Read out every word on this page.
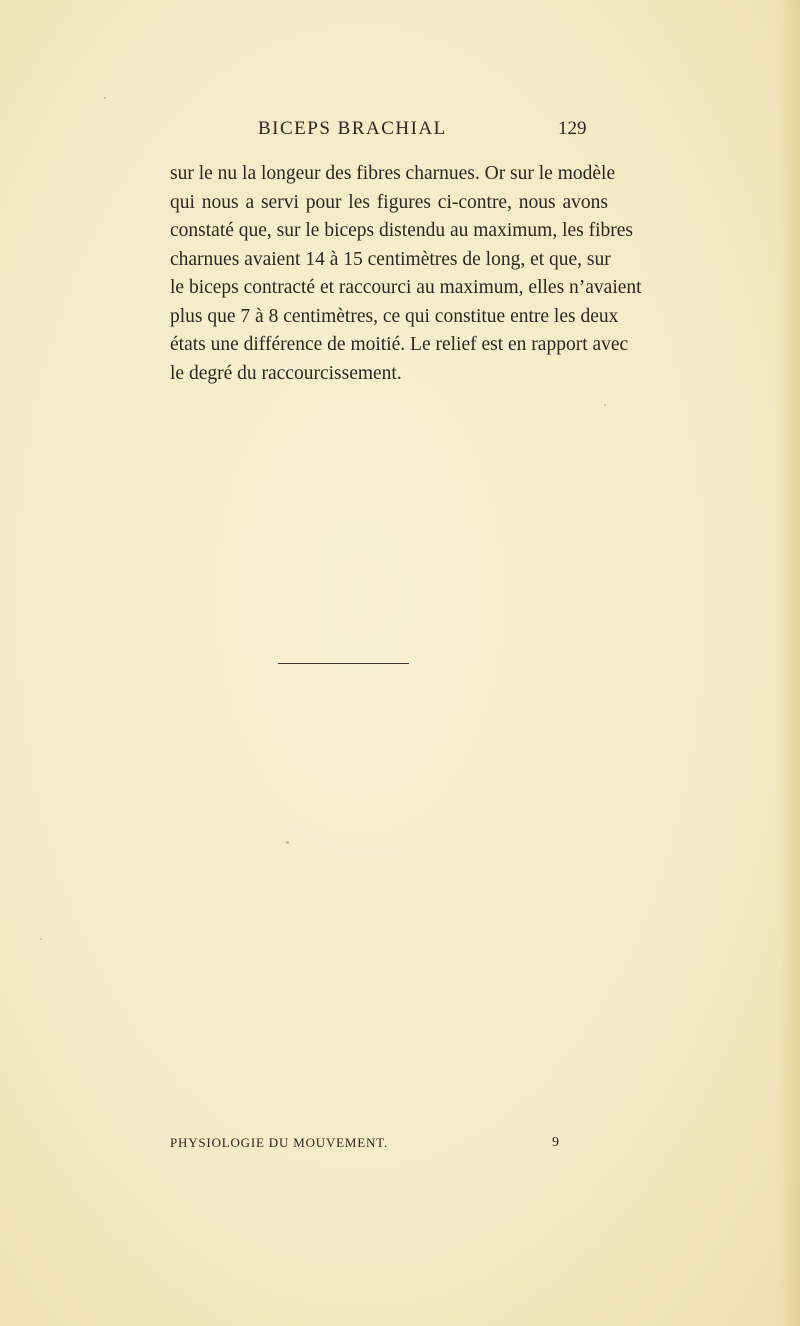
BICEPS BRACHIAL	129
sur le nu la longeur des fibres charnues. Or sur le modèle
qui nous a servi pour les figures ci-contre, nous avons
constaté que, sur le biceps distendu au maximum, les fibres
charnues avaient 14 à 15 centimètres de long, et que, sur
le biceps contracté et raccourci au maximum, elles n’avaient
plus que 7 à 8 centimètres, ce qui constitue entre les deux
états une différence de moitié. Le relief est en rapport avec
le degré du raccourcissement.
PHYSIOLOGIE DU MOUVEMENT.	9
